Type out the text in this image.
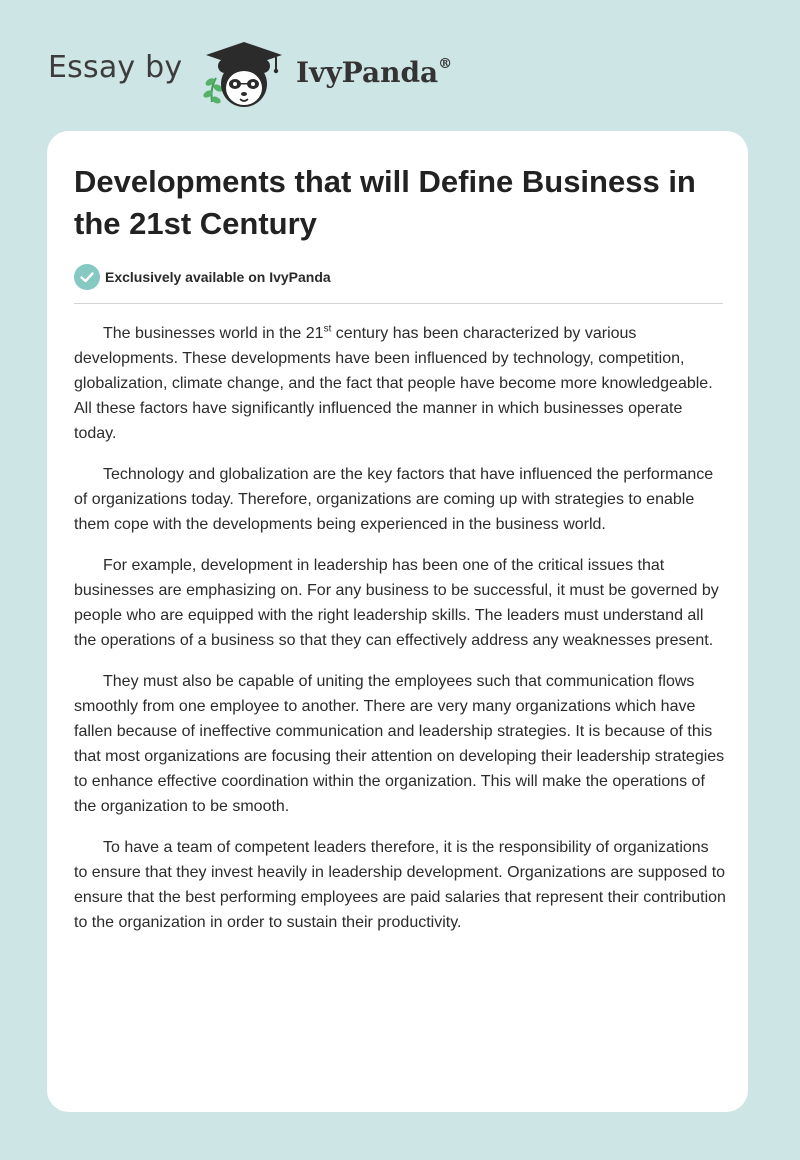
Essay by	IvyPanda®
Developments that will Define Business in the 21st Century
Exclusively available on IvyPanda

The businesses world in the 21st century has been characterized by various developments. These developments have been influenced by technology, competition, globalization, climate change, and the fact that people have become more knowledgeable. All these factors have significantly influenced the manner in which businesses operate today.

Technology and globalization are the key factors that have influenced the performance of organizations today. Therefore, organizations are coming up with strategies to enable them cope with the developments being experienced in the business world.

For example, development in leadership has been one of the critical issues that businesses are emphasizing on. For any business to be successful, it must be governed by people who are equipped with the right leadership skills. The leaders must understand all the operations of a business so that they can effectively address any weaknesses present.

They must also be capable of uniting the employees such that communication flows smoothly from one employee to another. There are very many organizations which have fallen because of ineffective communication and leadership strategies. It is because of this that most organizations are focusing their attention on developing their leadership strategies to enhance effective coordination within the organization. This will make the operations of the organization to be smooth.

To have a team of competent leaders therefore, it is the responsibility of organizations to ensure that they invest heavily in leadership development. Organizations are supposed to ensure that the best performing employees are paid salaries that represent their contribution to the organization in order to sustain their productivity.
